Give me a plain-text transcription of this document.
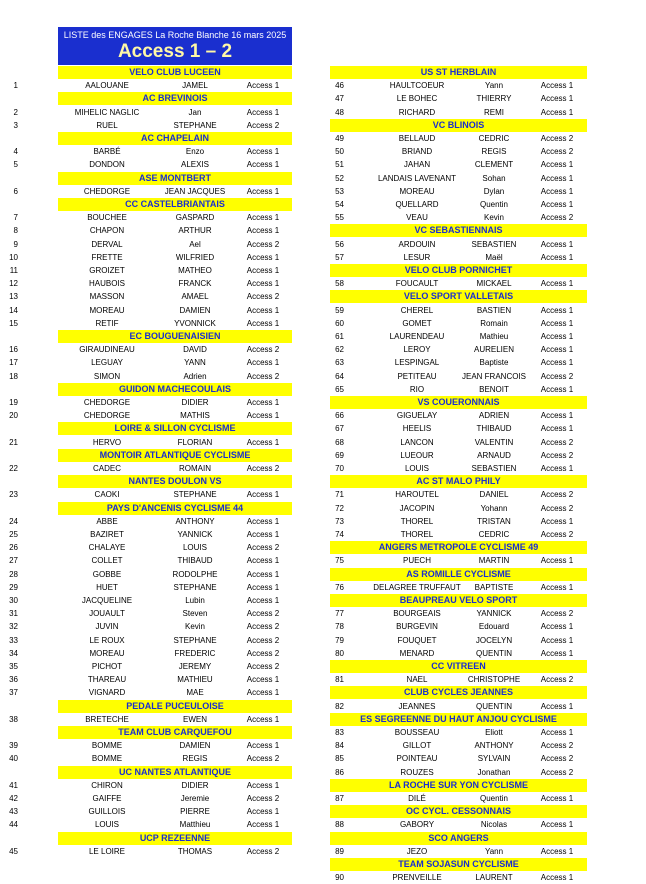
LISTE des ENGAGES La Roche Blanche 16 mars 2025
Access 1 – 2
VELO CLUB LUCEEN
1	AALOUANE	JAMEL	Access 1
AC BREVINOIS
2	MIHELIC NAGLIC	Jan	Access 1
3	RUEL	STEPHANE	Access 2
AC CHAPELAIN
4	BARBÉ	Enzo	Access 1
5	DONDON	ALEXIS	Access 1
ASE MONTBERT
6	CHEDORGE	JEAN JACQUES	Access 1
CC CASTELBRIANTAIS
7	BOUCHEE	GASPARD	Access 1
8	CHAPON	ARTHUR	Access 1
9	DERVAL	Ael	Access 2
10	FRETTE	WILFRIED	Access 1
11	GROIZET	MATHEO	Access 1
12	HAUBOIS	FRANCK	Access 1
13	MASSON	AMAEL	Access 2
14	MOREAU	DAMIEN	Access 1
15	RETIF	YVONNICK	Access 1
EC BOUGUENAISIEN
16	GIRAUDINEAU	DAVID	Access 2
17	LEGUAY	YANN	Access 1
18	SIMON	Adrien	Access 2
GUIDON MACHECOULAIS
19	CHEDORGE	DIDIER	Access 1
20	CHEDORGE	MATHIS	Access 1
LOIRE & SILLON CYCLISME
21	HERVO	FLORIAN	Access 1
MONTOIR ATLANTIQUE CYCLISME
22	CADEC	ROMAIN	Access 2
NANTES DOULON VS
23	CAOKI	STEPHANE	Access 1
PAYS D'ANCENIS CYCLISME 44
24	ABBE	ANTHONY	Access 1
25	BAZIRET	YANNICK	Access 1
26	CHALAYE	LOUIS	Access 2
27	COLLET	THIBAUD	Access 1
28	GOBBE	RODOLPHE	Access 1
29	HUET	STEPHANE	Access 1
30	JACQUELINE	Lubin	Access 1
31	JOUAULT	Steven	Access 2
32	JUVIN	Kevin	Access 2
33	LE ROUX	STEPHANE	Access 2
34	MOREAU	FREDERIC	Access 2
35	PICHOT	JEREMY	Access 2
36	THAREAU	MATHIEU	Access 1
37	VIGNARD	MAE	Access 1
PEDALE PUCEULOISE
38	BRETECHE	EWEN	Access 1
TEAM CLUB CARQUEFOU
39	BOMME	DAMIEN	Access 1
40	BOMME	REGIS	Access 2
UC NANTES ATLANTIQUE
41	CHIRON	DIDIER	Access 1
42	GAIFFE	Jeremie	Access 2
43	GUILLOIS	PIERRE	Access 1
44	LOUIS	Matthieu	Access 1
UCP REZEENNE
45	LE LOIRE	THOMAS	Access 2
US ST HERBLAIN
46	HAULTCOEUR	Yann	Access 1
47	LE BOHEC	THIERRY	Access 1
48	RICHARD	REMI	Access 1
VC BLINOIS
49	BELLAUD	CEDRIC	Access 2
50	BRIAND	REGIS	Access 2
51	JAHAN	CLEMENT	Access 1
52	LANDAIS LAVENANT	Sohan	Access 1
53	MOREAU	Dylan	Access 1
54	QUELLARD	Quentin	Access 1
55	VEAU	Kevin	Access 2
VC SEBASTIENNAIS
56	ARDOUIN	SEBASTIEN	Access 1
57	LESUR	Maël	Access 1
VELO CLUB PORNICHET
58	FOUCAULT	MICKAEL	Access 1
VELO SPORT VALLETAIS
59	CHEREL	BASTIEN	Access 1
60	GOMET	Romain	Access 1
61	LAURENDEAU	Mathieu	Access 1
62	LEROY	AURELIEN	Access 1
63	LESPINGAL	Baptiste	Access 1
64	PETITEAU	JEAN FRANCOIS	Access 2
65	RIO	BENOIT	Access 1
VS COUERONNAIS
66	GIGUELAY	ADRIEN	Access 1
67	HEELIS	THIBAUD	Access 1
68	LANCON	VALENTIN	Access 2
69	LUEOUR	ARNAUD	Access 2
70	LOUIS	SEBASTIEN	Access 1
AC ST MALO PHILY
71	HAROUTEL	DANIEL	Access 2
72	JACOPIN	Yohann	Access 2
73	THOREL	TRISTAN	Access 1
74	THOREL	CEDRIC	Access 2
ANGERS METROPOLE CYCLISME 49
75	PUECH	MARTIN	Access 1
AS ROMILLE CYCLISME
76	DELAGREE TRUFFAUT	BAPTISTE	Access 1
BEAUPREAU VELO SPORT
77	BOURGEAIS	YANNICK	Access 2
78	BURGEVIN	Edouard	Access 1
79	FOUQUET	JOCELYN	Access 1
80	MENARD	QUENTIN	Access 1
CC VITREEN
81	NAEL	CHRISTOPHE	Access 2
CLUB CYCLES JEANNES
82	JEANNES	QUENTIN	Access 1
ES SEGREENNE DU HAUT ANJOU CYCLISME
83	BOUSSEAU	Eliott	Access 1
84	GILLOT	ANTHONY	Access 2
85	POINTEAU	SYLVAIN	Access 2
86	ROUZES	Jonathan	Access 2
LA ROCHE SUR YON CYCLISME
87	DILÉ	Quentin	Access 1
OC CYCL. CESSONNAIS
88	GABORY	Nicolas	Access 1
SCO ANGERS
89	JEZO	Yann	Access 1
TEAM SOJASUN CYCLISME
90	PRENVEILLE	LAURENT	Access 1
